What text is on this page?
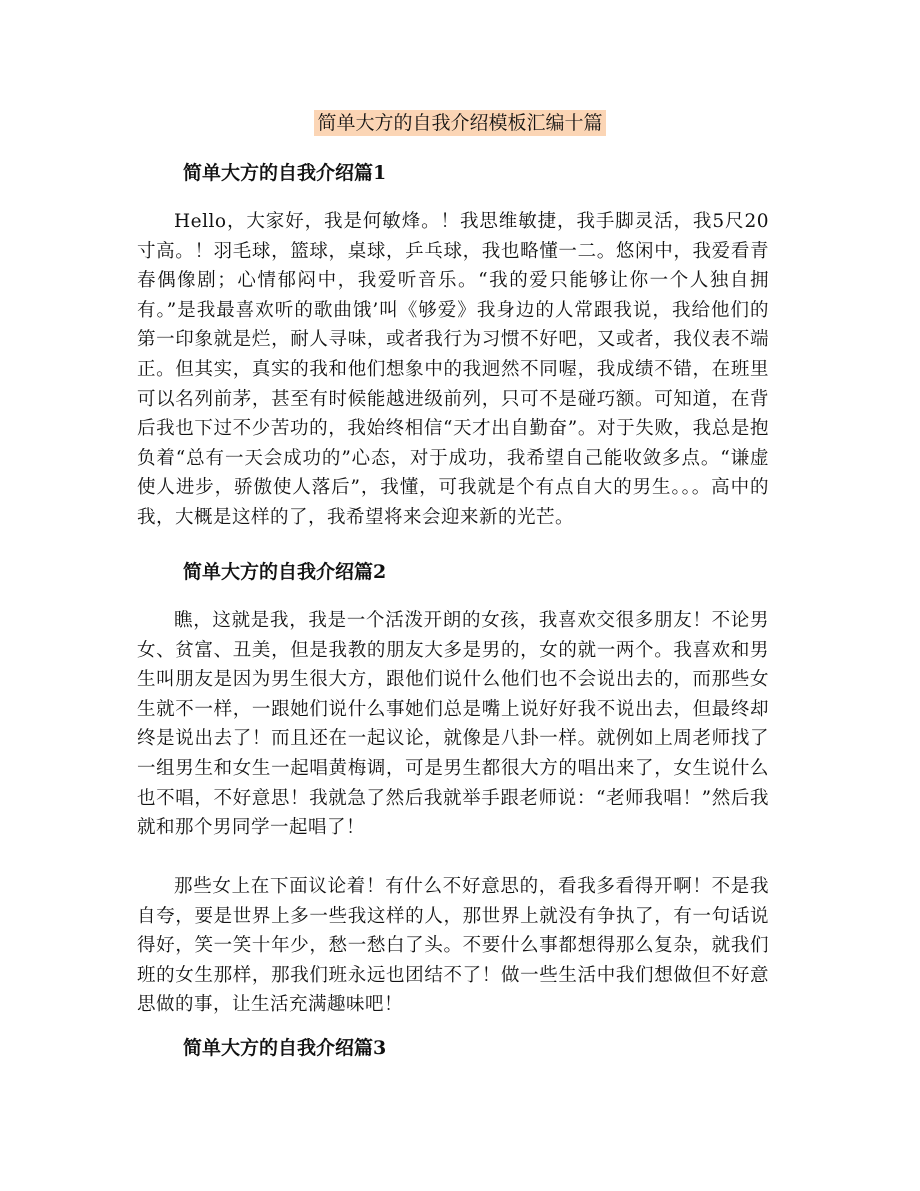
简单大方的自我介绍模板汇编十篇
简单大方的自我介绍篇1
Hello，大家好，我是何敏烽。！我思维敏捷，我手脚灵活，我5尺20寸高。！羽毛球，篮球，桌球，乒乓球，我也略懂一二。悠闲中，我爱看青春偶像剧；心情郁闷中，我爱听音乐。“我的爱只能够让你一个人独自拥有。”是我最喜欢听的歌曲饿’叫《够爱》我身边的人常跟我说，我给他们的第一印象就是烂，耐人寻味，或者我行为习惯不好吧，又或者，我仪表不端正。但其实，真实的我和他们想象中的我迥然不同喔，我成绩不错，在班里可以名列前茅，甚至有时候能越进级前列，只可不是碰巧额。可知道，在背后我也下过不少苦功的，我始终相信“天才出自勤奋”。对于失败，我总是抱负着“总有一天会成功的”心态，对于成功，我希望自己能收敛多点。“谦虚使人进步，骄傲使人落后”，我懂，可我就是个有点自大的男生。。。高中的我，大概是这样的了，我希望将来会迎来新的光芒。
简单大方的自我介绍篇2
瞧，这就是我，我是一个活泼开朗的女孩，我喜欢交很多朋友！不论男女、贫富、丑美，但是我教的朋友大多是男的，女的就一两个。我喜欢和男生叫朋友是因为男生很大方，跟他们说什么他们也不会说出去的，而那些女生就不一样，一跟她们说什么事她们总是嘴上说好好我不说出去，但最终却终是说出去了！而且还在一起议论，就像是八卦一样。就例如上周老师找了一组男生和女生一起唱黄梅调，可是男生都很大方的唱出来了，女生说什么也不唱，不好意思！我就急了然后我就举手跟老师说：“老师我唱！”然后我就和那个男同学一起唱了！
那些女上在下面议论着！有什么不好意思的，看我多看得开啊！不是我自夸，要是世界上多一些我这样的人，那世界上就没有争执了，有一句话说得好，笑一笑十年少，愁一愁白了头。不要什么事都想得那么复杂，就我们班的女生那样，那我们班永远也团结不了！做一些生活中我们想做但不好意思做的事，让生活充满趣味吧！
简单大方的自我介绍篇3
